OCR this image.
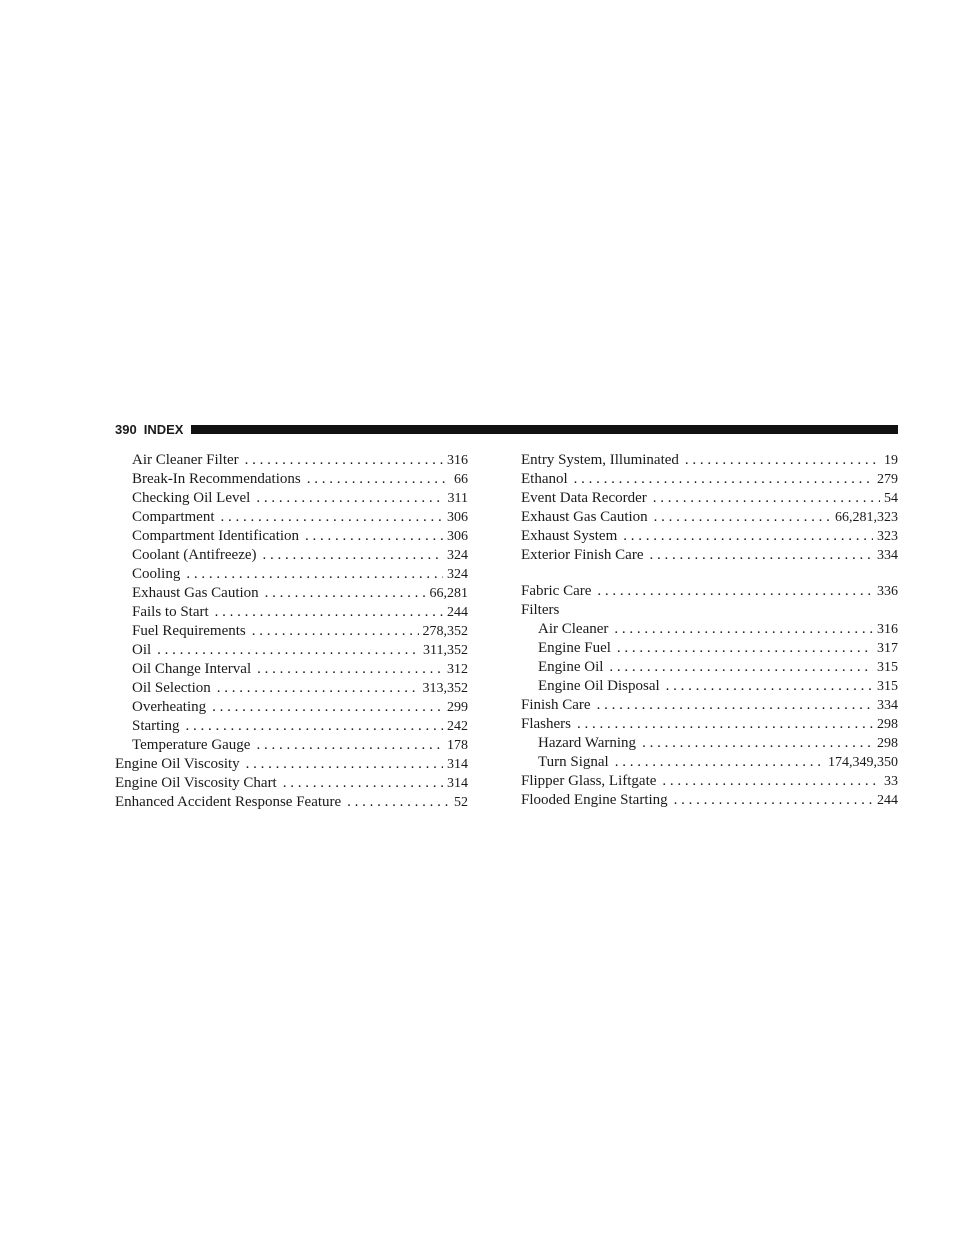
390 INDEX
Air Cleaner Filter . . .	316
Break-In Recommendations . . .	66
Checking Oil Level . . .	311
Compartment . . .	306
Compartment Identification . . .	306
Coolant (Antifreeze) . . .	324
Cooling . . .	324
Exhaust Gas Caution . . .	66,281
Fails to Start . . .	244
Fuel Requirements . . .	278,352
Oil . . .	311,352
Oil Change Interval . . .	312
Oil Selection . . .	313,352
Overheating . . .	299
Starting . . .	242
Temperature Gauge . . .	178
Engine Oil Viscosity . . .	314
Engine Oil Viscosity Chart . . .	314
Enhanced Accident Response Feature . . .	52
Entry System, Illuminated . . .	19
Ethanol . . .	279
Event Data Recorder . . .	54
Exhaust Gas Caution . . .	66,281,323
Exhaust System . . .	323
Exterior Finish Care . . .	334
Fabric Care . . .	336
Filters
Air Cleaner . . .	316
Engine Fuel . . .	317
Engine Oil . . .	315
Engine Oil Disposal . . .	315
Finish Care . . .	334
Flashers . . .	298
Hazard Warning . . .	298
Turn Signal . . .	174,349,350
Flipper Glass, Liftgate . . .	33
Flooded Engine Starting . . .	244
